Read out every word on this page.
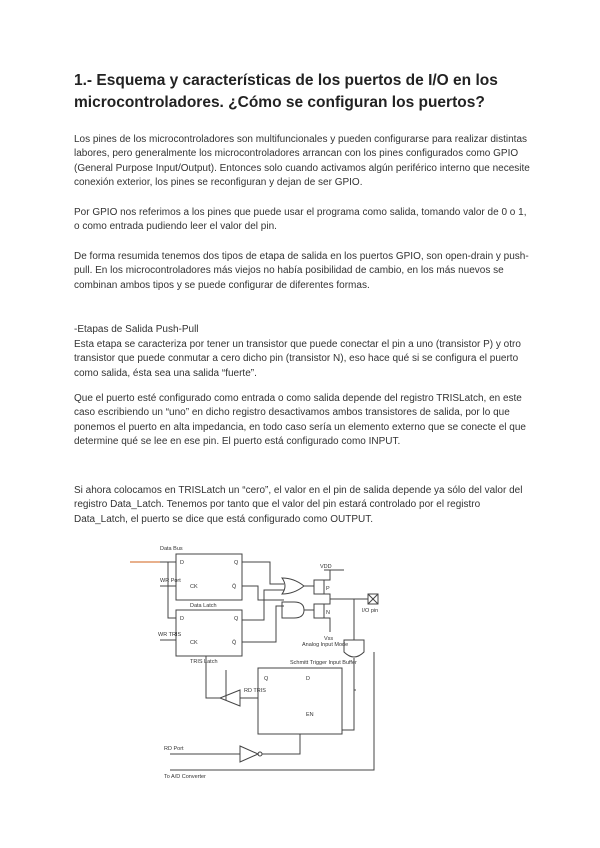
1.- Esquema y características de los puertos de I/O en los microcontroladores. ¿Cómo se configuran los puertos?

Los pines de los microcontroladores son multifuncionales y pueden configurarse para realizar distintas labores, pero generalmente los microcontroladores arrancan con los pines configurados como GPIO (General Purpose Input/Output). Entonces solo cuando activamos algún periférico interno que necesite conexión exterior, los pines se reconfiguran y dejan de ser GPIO.

Por GPIO nos referimos a los pines que puede usar el programa como salida, tomando valor de 0 o 1, o como entrada pudiendo leer el valor del pin.

De forma resumida tenemos dos tipos de etapa de salida en los puertos GPIO, son open-drain y push-pull. En los microcontroladores más viejos no había posibilidad de cambio, en los más nuevos se combinan ambos tipos y se puede configurar de diferentes formas.

-Etapas de Salida Push-Pull

Esta etapa se caracteriza por tener un transistor que puede conectar el pin a uno (transistor P) y otro transistor que puede conmutar a cero dicho pin (transistor N), eso hace qué si se configura el puerto como salida, ésta sea una salida “fuerte”.

Que el puerto esté configurado como entrada o como salida depende del registro TRISLatch, en este caso escribiendo un “uno” en dicho registro desactivamos ambos transistores de salida, por lo que ponemos el puerto en alta impedancia, en todo caso sería un elemento externo que se conecte el que determine qué se lee en ese pin. El puerto está configurado como INPUT.

Si ahora colocamos en TRISLatch un “cero”, el valor en el pin de salida depende ya sólo del valor del registro Data_Latch. Tenemos por tanto que el valor del pin estará controlado por el registro Data_Latch, el puerto se dice que está configurado como OUTPUT.

Data Bus
WR Port
WR TRIS
D	Q
CK	Q̄
Data Latch
D	Q
CK	Q̄
TRIS Latch
RD TRIS
VDD
P
N
Vss
I/O pin
Analog Input Mode
Schmitt Trigger Input Buffer
Q	D
EN
RD Port
To A/D Converter
